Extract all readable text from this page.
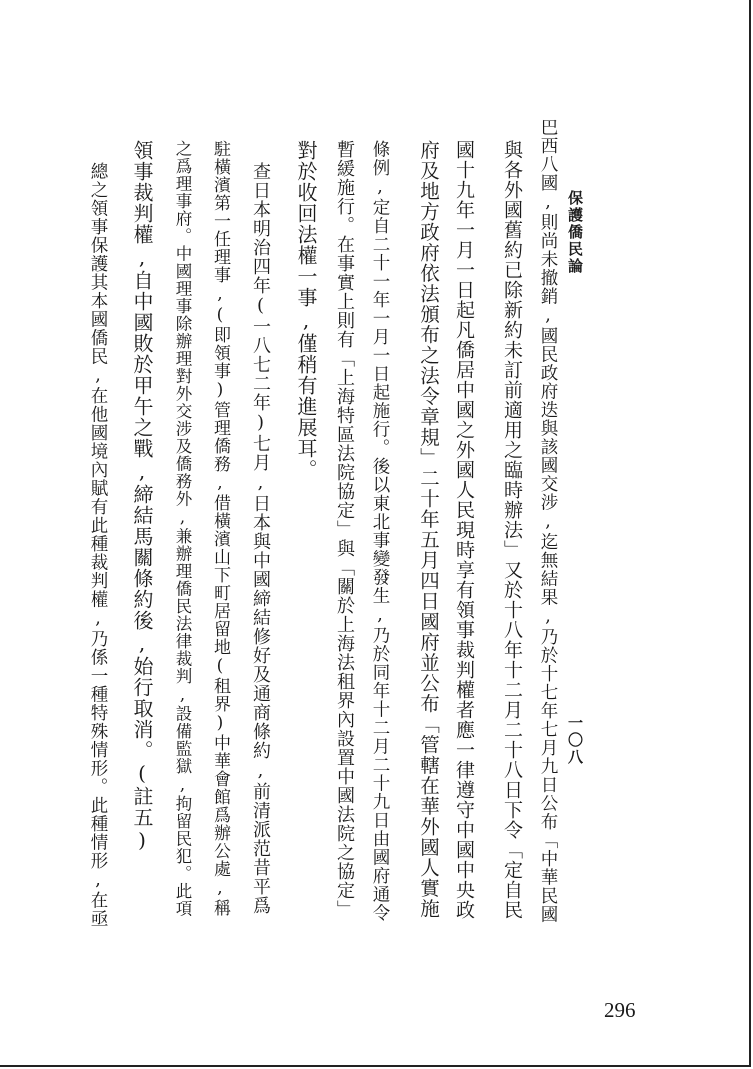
保護僑民論
一〇八
巴西八國,則尚未撤銷,國民政府迭與該國交涉,迄無結果,乃於十七年七月九日公布「中華民國
與各外國舊約已除新約未訂前適用之臨時辦法」又於十八年十二月二十八日下令「定自民
國十九年一月一日起凡僑居中國之外國人民現時享有領事裁判權者應一律遵守中國中央政
府及地方政府依法頒布之法令章規」二十年五月四日國府並公布「管轄在華外國人實施
條例,定自二十一年一月一日起施行。後以東北事變發生,乃於同年十二月二十九日由國府通令
暫緩施行。在事實上則有「上海特區法院協定」與「關於上海法租界內設置中國法院之協定」
對於收回法權一事,僅稍有進展耳。
查日本明治四年(一八七二年)七月,日本與中國締結修好及通商條約,前清派范昔平爲
駐橫濱第一任理事,(即領事)管理僑務,借橫濱山下町居留地(租界)中華會館爲辦公處,稱
之爲理事府。中國理事除辦理對外交涉及僑務外,兼辦理僑民法律裁判,設備監獄,拘留民犯。此項
領事裁判權,自中國敗於甲午之戰,締結馬關條約後,始行取消。(註五)
總之領事保護其本國僑民,在他國境內賦有此種裁判權,乃係一種特殊情形。此種情形,在亟
296
